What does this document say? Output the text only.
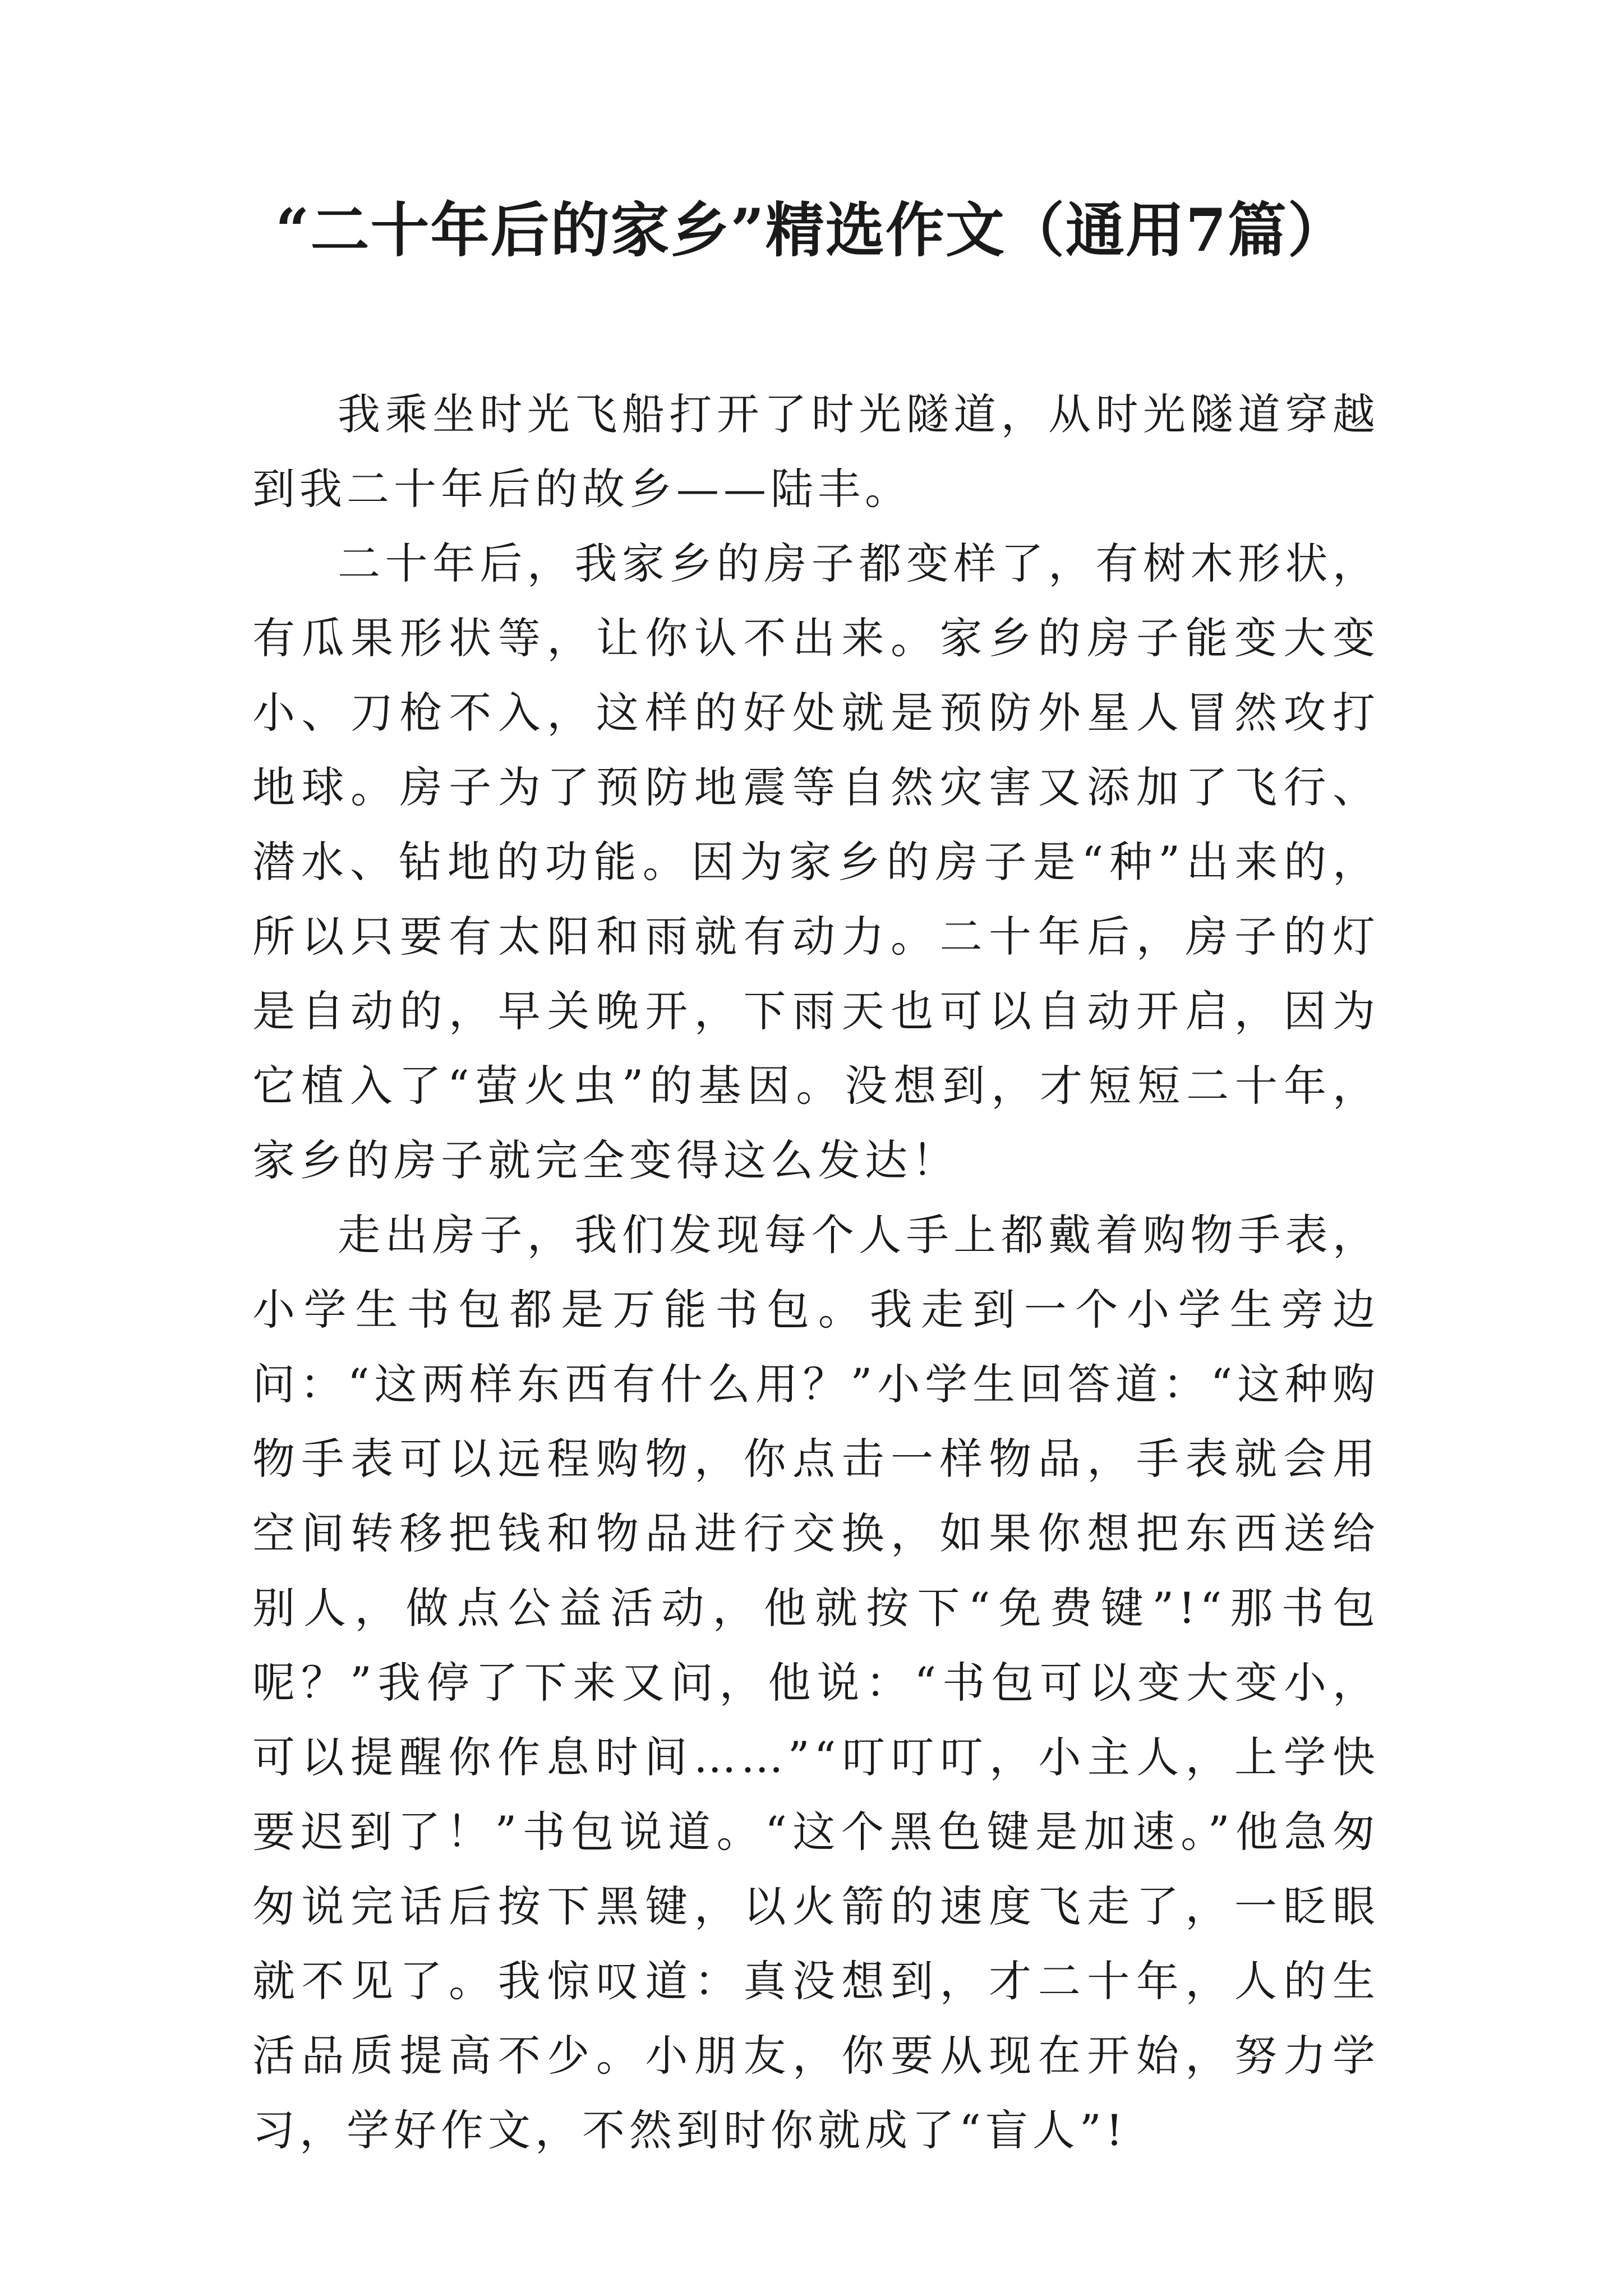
“二十年后的家乡”精选作文（通用7篇）

我乘坐时光飞船打开了时光隧道，从时光隧道穿越到我二十年后的故乡——陆丰。

二十年后，我家乡的房子都变样了，有树木形状，有瓜果形状等，让你认不出来。家乡的房子能变大变小、刀枪不入，这样的好处就是预防外星人冒然攻打地球。房子为了预防地震等自然灾害又添加了飞行、潜水、钻地的功能。因为家乡的房子是“种”出来的，所以只要有太阳和雨就有动力。二十年后，房子的灯是自动的，早关晚开，下雨天也可以自动开启，因为它植入了“萤火虫”的基因。没想到，才短短二十年，家乡的房子就完全变得这么发达！

走出房子，我们发现每个人手上都戴着购物手表，小学生书包都是万能书包。我走到一个小学生旁边问：“这两样东西有什么用？”小学生回答道：“这种购物手表可以远程购物，你点击一样物品，手表就会用空间转移把钱和物品进行交换，如果你想把东西送给别人，做点公益活动，他就按下“免费键”!“那书包呢？”我停了下来又问，他说：“书包可以变大变小，可以提醒你作息时间……”“叮叮叮，小主人，上学快要迟到了！”书包说道。“这个黑色键是加速。”他急匆匆说完话后按下黑键，以火箭的速度飞走了，一眨眼就不见了。我惊叹道：真没想到，才二十年，人的生活品质提高不少。小朋友，你要从现在开始，努力学习，学好作文，不然到时你就成了“盲人”!
